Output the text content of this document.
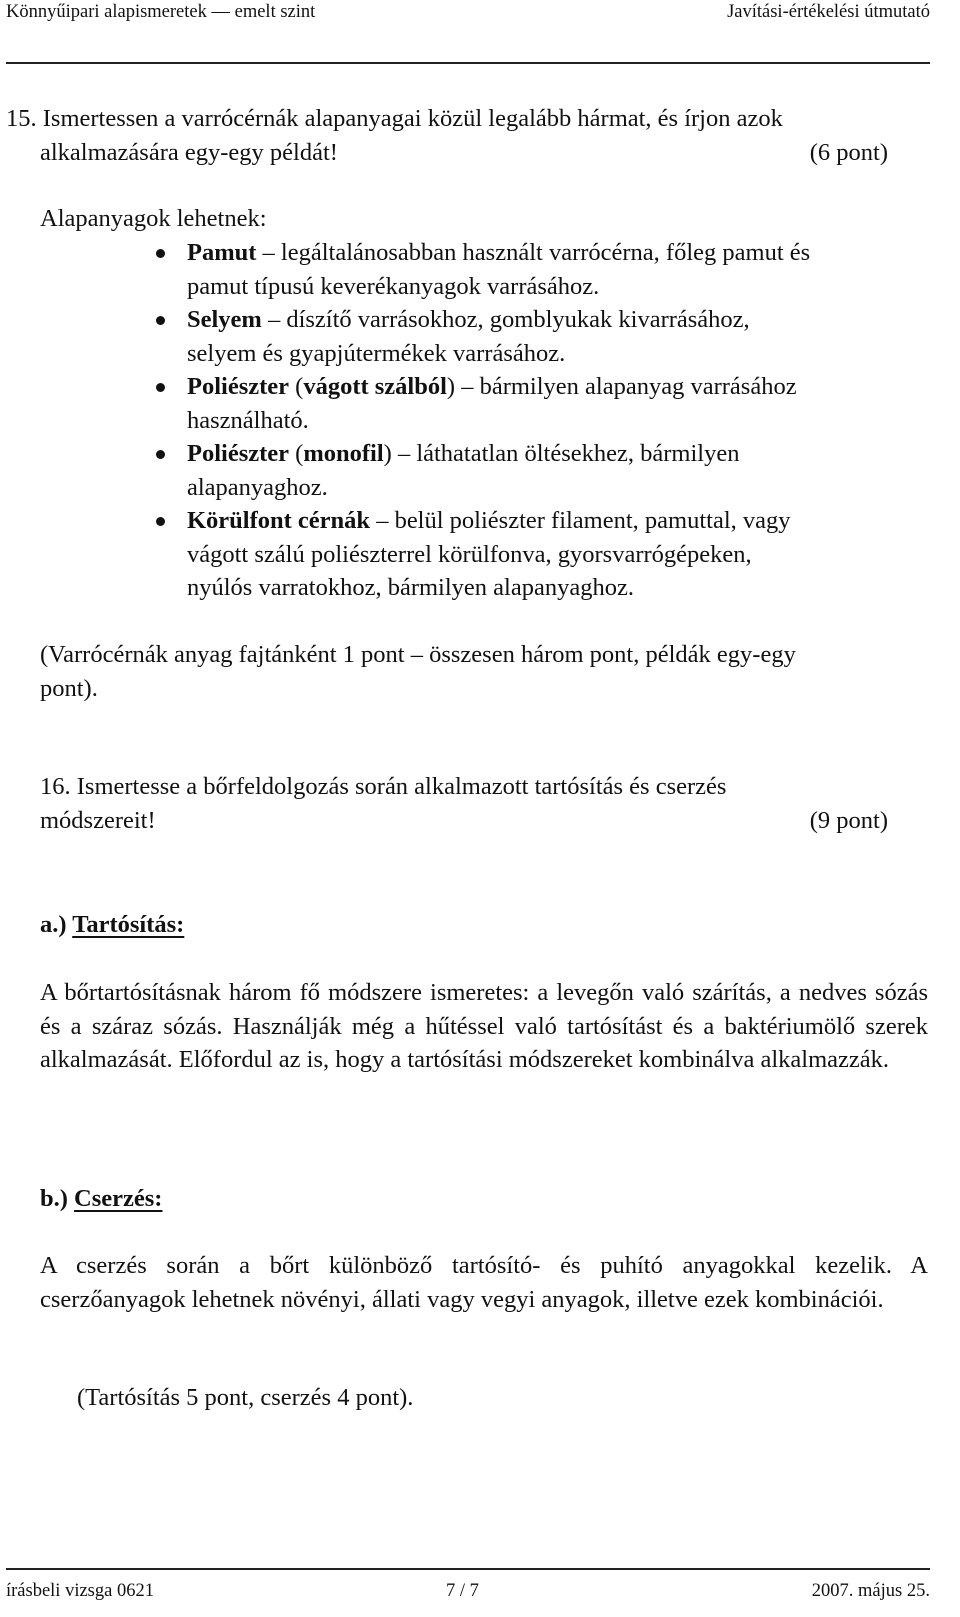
Könnyűipari alapismeretek — emelt szint	Javítási-értékelési útmutató
15. Ismertessen a varrócérnák alapanyagai közül legalább hármat, és írjon azok
alkalmazására egy-egy példát!	(6 pont)
Alapanyagok lehetnek:
Pamut – legáltalánosabban használt varrócérna, főleg pamut és
pamut típusú keverékanyagok varrásához.
Selyem – díszítő varrásokhoz, gomblyukak kivarrásához,
selyem és gyapjútermékek varrásához.
Poliészter (vágott szálból) – bármilyen alapanyag varrásához
használható.
Poliészter (monofil) – láthatatlan öltésekhez, bármilyen
alapanyaghoz.
Körülfont cérnák – belül poliészter filament, pamuttal, vagy
vágott szálú poliészterrel körülfonva, gyorsvarrógépeken,
nyúlós varratokhoz, bármilyen alapanyaghoz.
(Varrócérnák anyag fajtánként 1 pont – összesen három pont, példák egy-egy
pont).
16. Ismertesse a bőrfeldolgozás során alkalmazott tartósítás és cserzés
módszereit!	(9 pont)
a.) Tartósítás:
A bőrtartósításnak három fő módszere ismeretes: a levegőn való szárítás, a nedves sózás és a száraz sózás. Használják még a hűtéssel való tartósítást és a baktériumölő szerek alkalmazását. Előfordul az is, hogy a tartósítási módszereket kombinálva alkalmazzák.
b.) Cserzés:
A cserzés során a bőrt különböző tartósító- és puhító anyagokkal kezelik. A cserzőanyagok lehetnek növényi, állati vagy vegyi anyagok, illetve ezek kombinációi.
(Tartósítás 5 pont, cserzés 4 pont).
írásbeli vizsga 0621	7 / 7	2007. május 25.
